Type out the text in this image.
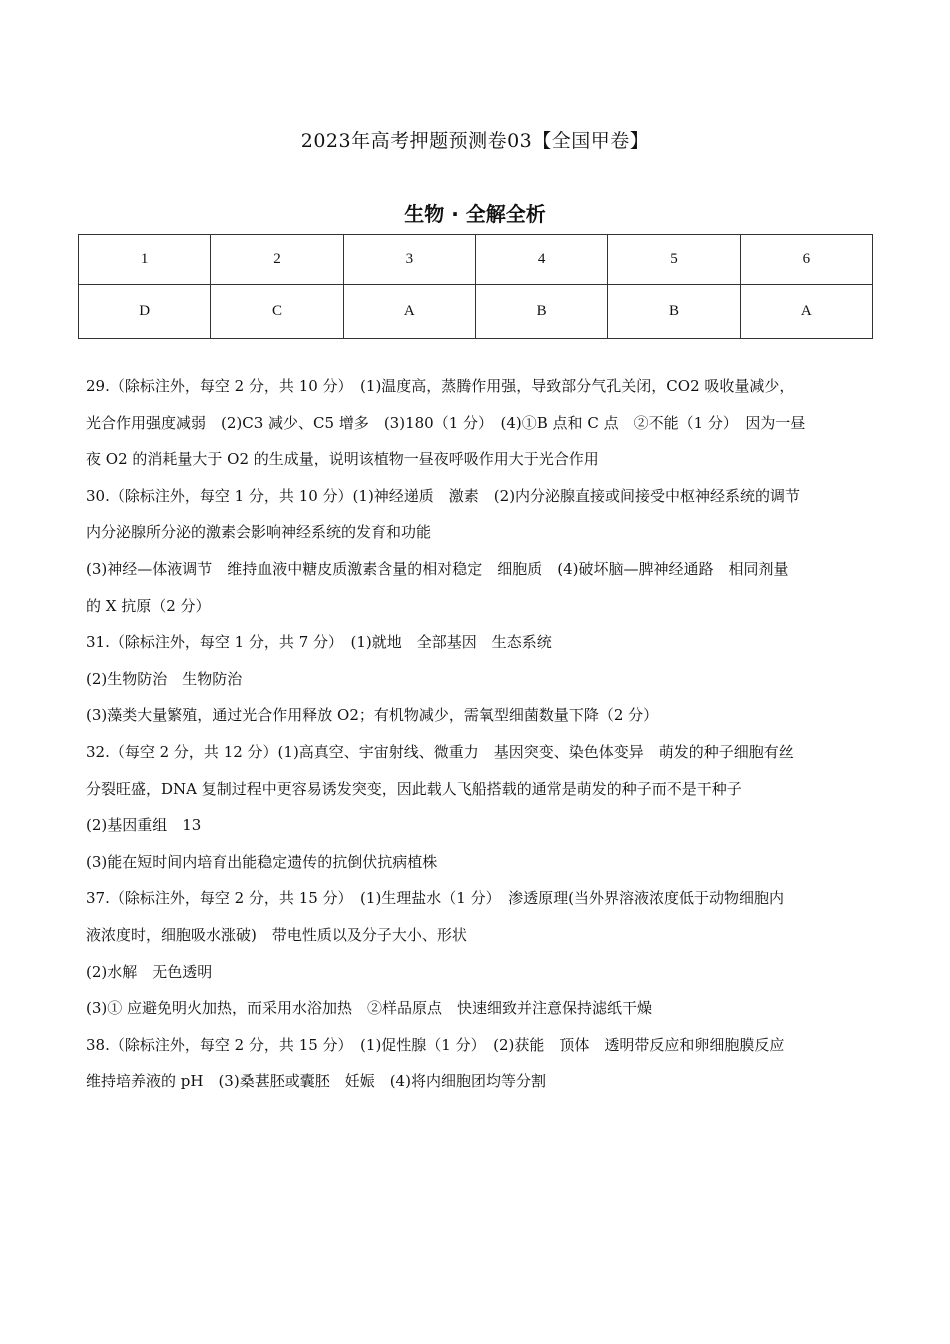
2023年高考押题预测卷03【全国甲卷】
生物 · 全解全析
1	2	3	4	5	6
D	C	A	B	B	A
29.（除标注外，每空 2 分，共 10 分）　(1)温度高，蒸腾作用强，导致部分气孔关闭，CO2 吸收量减少，
光合作用强度减弱　(2)C3 减少、C5 增多　(3)180（1 分）　(4)①B 点和 C 点　②不能（1 分）　因为一昼
夜 O2 的消耗量大于 O2 的生成量，说明该植物一昼夜呼吸作用大于光合作用
30.（除标注外，每空 1 分，共 10 分）(1)神经递质　激素　(2)内分泌腺直接或间接受中枢神经系统的调节
内分泌腺所分泌的激素会影响神经系统的发育和功能
(3)神经—体液调节　维持血液中糖皮质激素含量的相对稳定　细胞质　(4)破坏脑—脾神经通路　相同剂量
的 X 抗原（2 分）
31.（除标注外，每空 1 分，共 7 分）　(1)就地　全部基因　生态系统
(2)生物防治　生物防治
(3)藻类大量繁殖，通过光合作用释放 O2；有机物减少，需氧型细菌数量下降（2 分）
32.（每空 2 分，共 12 分）(1)高真空、宇宙射线、微重力　基因突变、染色体变异　萌发的种子细胞有丝
分裂旺盛，DNA 复制过程中更容易诱发突变，因此载人飞船搭载的通常是萌发的种子而不是干种子
(2)基因重组　13
(3)能在短时间内培育出能稳定遗传的抗倒伏抗病植株
37.（除标注外，每空 2 分，共 15 分）　(1)生理盐水（1 分）　渗透原理(当外界溶液浓度低于动物细胞内
液浓度时，细胞吸水涨破)　带电性质以及分子大小、形状
(2)水解　无色透明
(3)① 应避免明火加热，而采用水浴加热　②样品原点　快速细致并注意保持滤纸干燥
38.（除标注外，每空 2 分，共 15 分）　(1)促性腺（1 分）　(2)获能　顶体　透明带反应和卵细胞膜反应
维持培养液的 pH　(3)桑葚胚或囊胚　妊娠　(4)将内细胞团均等分割
